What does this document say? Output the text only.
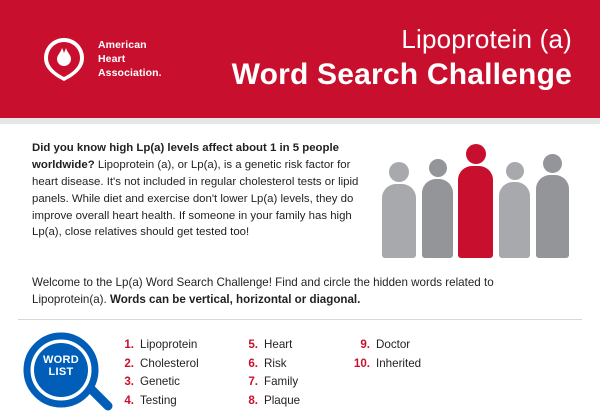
American
Heart
Association.
Lipoprotein (a)
Word Search Challenge
Did you know high Lp(a) levels affect about 1 in 5 people worldwide? Lipoprotein (a), or Lp(a), is a genetic risk factor for heart disease. It's not included in regular cholesterol tests or lipid panels. While diet and exercise don't lower Lp(a) levels, they do improve overall heart health. If someone in your family has high Lp(a), close relatives should get tested too!
Welcome to the Lp(a) Word Search Challenge! Find and circle the hidden words related to Lipoprotein(a). Words can be vertical, horizontal or diagonal.
WORD
LIST
1. Lipoprotein
2. Cholesterol
3. Genetic
4. Testing
5. Heart
6. Risk
7. Family
8. Plaque
9. Doctor
10. Inherited
